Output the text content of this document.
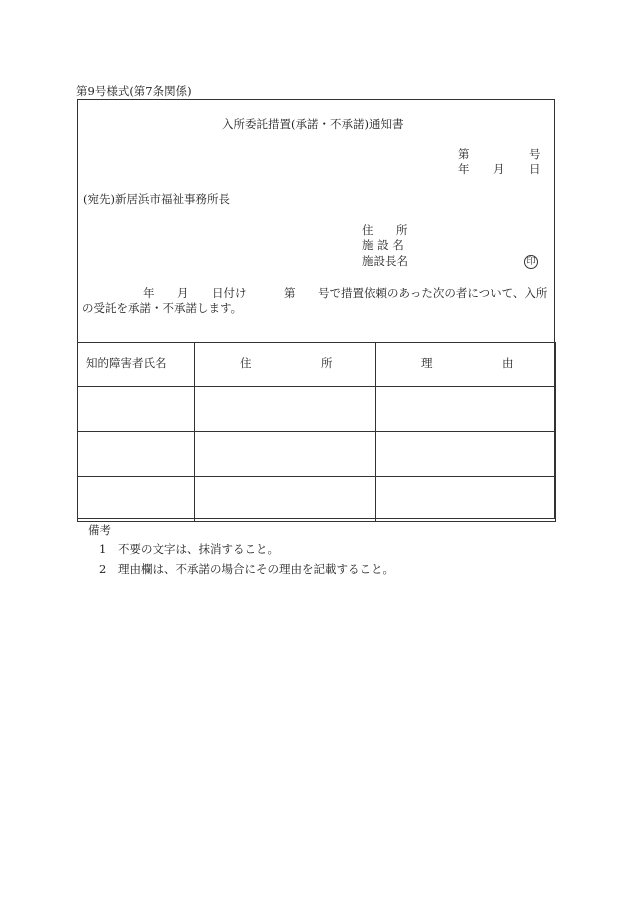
第9号様式(第7条関係)
入所委託措置(承諾・不承諾)通知書
第	号
年 月 日
(宛先)新居浜市福祉事務所長
住 所
施 設 名
施設長名	印
年 月 日付け	第 号で措置依頼のあった次の者について、入所
の受託を承諾・不承諾します。
知的障害者氏名	住 所	理 由

備考
1 不要の文字は、抹消すること。
2 理由欄は、不承諾の場合にその理由を記載すること。
